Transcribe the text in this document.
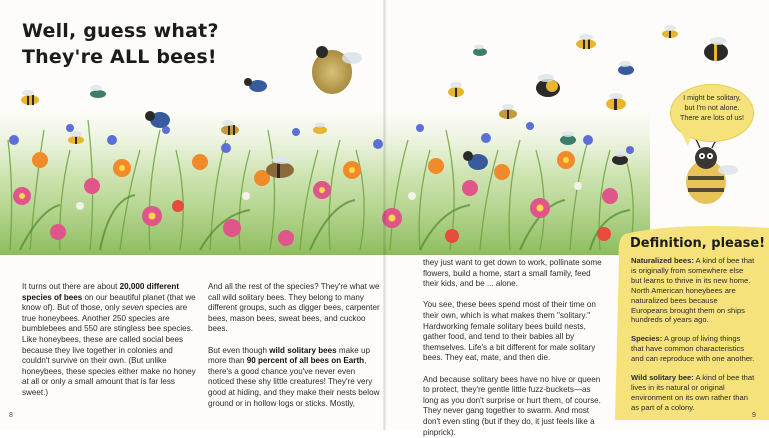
Well, guess what?
They're ALL bees!
I might be solitary,
but I'm not alone.
There are lots of us!

It turns out there are about 20,000 different species of bees on our beautiful planet (that we know of). But of those, only seven species are true honeybees. Another 250 species are bumblebees and 550 are stingless bee species. Like honeybees, these are called social bees because they live together in colonies and couldn't survive on their own. (But unlike honeybees, these species either make no honey at all or only a small amount that is far less sweet.)

And all the rest of the species? They're what we call wild solitary bees. They belong to many different groups, such as digger bees, carpenter bees, mason bees, sweat bees, and cuckoo bees.

But even though wild solitary bees make up more than 90 percent of all bees on Earth, there's a good chance you've never even noticed these shy little creatures! They're very good at hiding, and they make their nests below ground or in hollow logs or sticks. Mostly,

they just want to get down to work, pollinate some flowers, build a home, start a small family, feed their kids, and be ... alone.

You see, these bees spend most of their time on their own, which is what makes them "solitary." Hardworking female solitary bees build nests, gather food, and tend to their babies all by themselves. Life's a bit different for male solitary bees. They eat, mate, and then die.

And because solitary bees have no hive or queen to protect, they're gentle little fuzz-buckets—as long as you don't surprise or hurt them, of course. They never gang together to swarm. And most don't even sting (but if they do, it just feels like a pinprick).

Definition, please!
Naturalized bees: A kind of bee that is originally from somewhere else but learns to thrive in its new home. North American honeybees are naturalized bees because Europeans brought them on ships hundreds of years ago.
Species: A group of living things that have common characteristics and can reproduce with one another.
Wild solitary bee: A kind of bee that lives in its natural or original environment on its own rather than as part of a colony.
8	9
